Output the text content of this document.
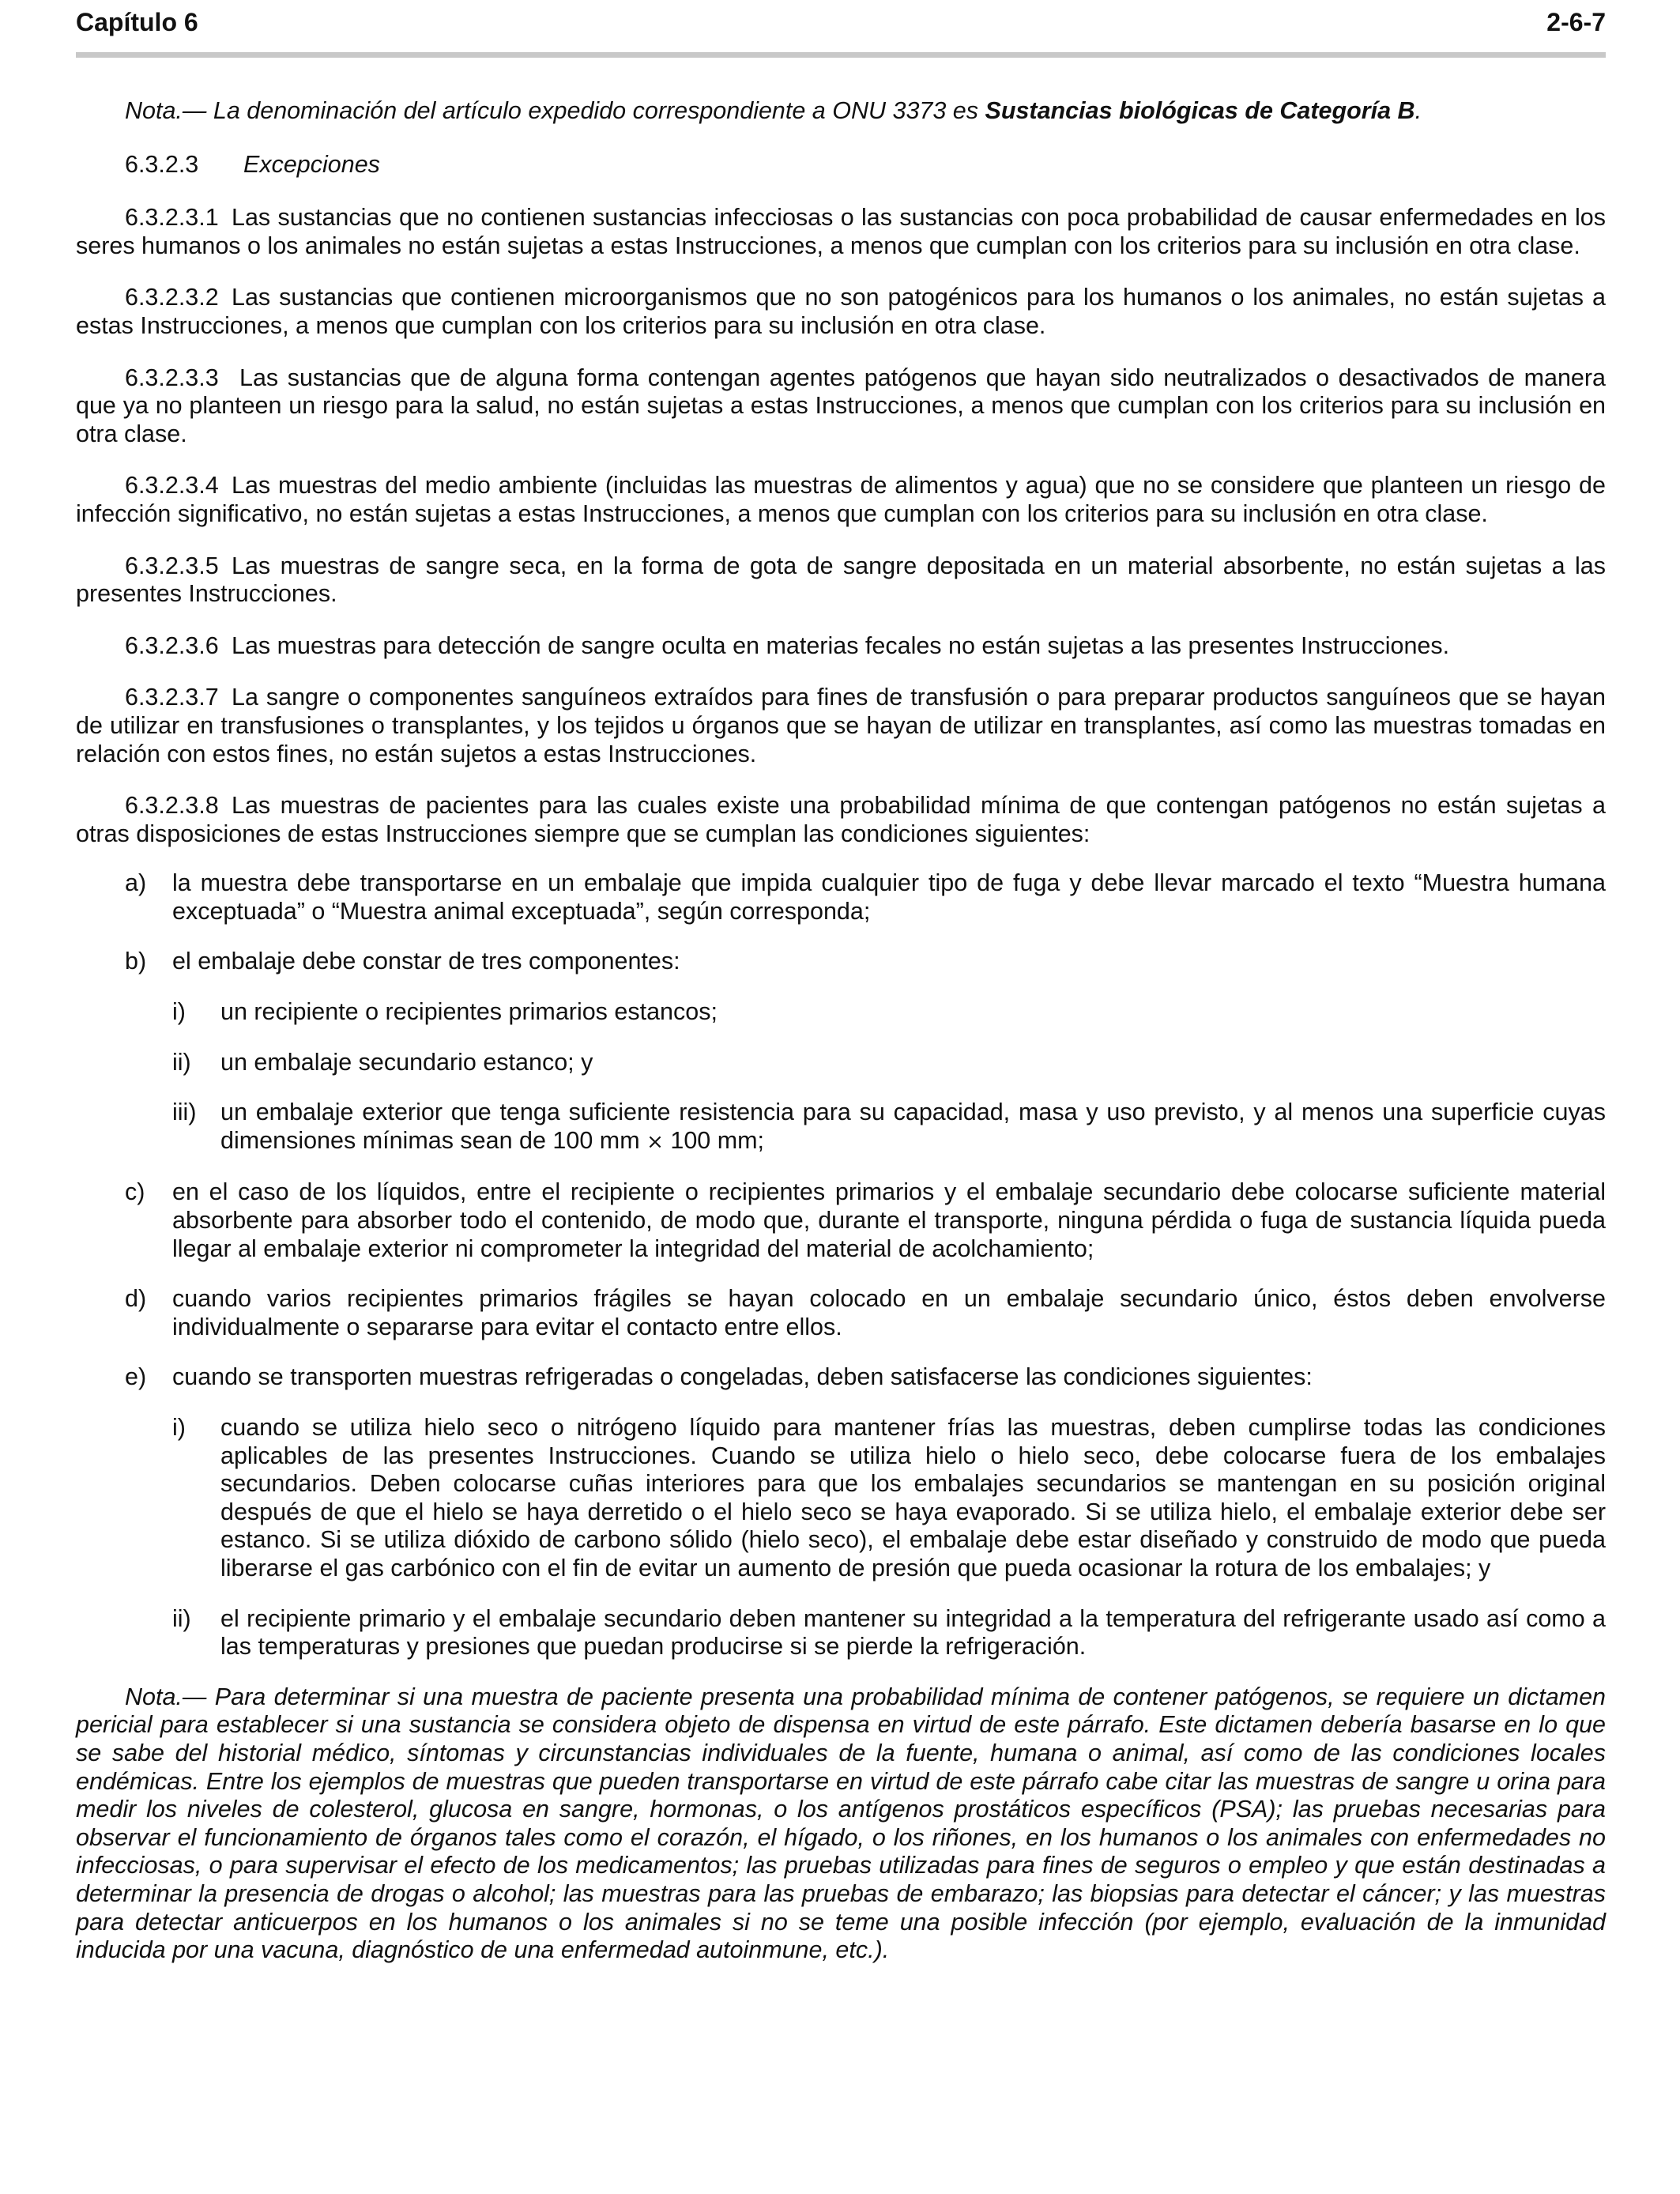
Capítulo 6	2-6-7

Nota.— La denominación del artículo expedido correspondiente a ONU 3373 es Sustancias biológicas de Categoría B.

6.3.2.3 Excepciones

6.3.2.3.1 Las sustancias que no contienen sustancias infecciosas o las sustancias con poca probabilidad de causar enfermedades en los seres humanos o los animales no están sujetas a estas Instrucciones, a menos que cumplan con los criterios para su inclusión en otra clase.

6.3.2.3.2 Las sustancias que contienen microorganismos que no son patogénicos para los humanos o los animales, no están sujetas a estas Instrucciones, a menos que cumplan con los criterios para su inclusión en otra clase.

6.3.2.3.3 Las sustancias que de alguna forma contengan agentes patógenos que hayan sido neutralizados o desactivados de manera que ya no planteen un riesgo para la salud, no están sujetas a estas Instrucciones, a menos que cumplan con los criterios para su inclusión en otra clase.

6.3.2.3.4 Las muestras del medio ambiente (incluidas las muestras de alimentos y agua) que no se considere que planteen un riesgo de infección significativo, no están sujetas a estas Instrucciones, a menos que cumplan con los criterios para su inclusión en otra clase.

6.3.2.3.5 Las muestras de sangre seca, en la forma de gota de sangre depositada en un material absorbente, no están sujetas a las presentes Instrucciones.

6.3.2.3.6 Las muestras para detección de sangre oculta en materias fecales no están sujetas a las presentes Instrucciones.

6.3.2.3.7 La sangre o componentes sanguíneos extraídos para fines de transfusión o para preparar productos sanguíneos que se hayan de utilizar en transfusiones o transplantes, y los tejidos u órganos que se hayan de utilizar en transplantes, así como las muestras tomadas en relación con estos fines, no están sujetos a estas Instrucciones.

6.3.2.3.8 Las muestras de pacientes para las cuales existe una probabilidad mínima de que contengan patógenos no están sujetas a otras disposiciones de estas Instrucciones siempre que se cumplan las condiciones siguientes:

a) la muestra debe transportarse en un embalaje que impida cualquier tipo de fuga y debe llevar marcado el texto “Muestra humana exceptuada” o “Muestra animal exceptuada”, según corresponda;

b) el embalaje debe constar de tres componentes:

i) un recipiente o recipientes primarios estancos;

ii) un embalaje secundario estanco; y

iii) un embalaje exterior que tenga suficiente resistencia para su capacidad, masa y uso previsto, y al menos una superficie cuyas dimensiones mínimas sean de 100 mm × 100 mm;

c) en el caso de los líquidos, entre el recipiente o recipientes primarios y el embalaje secundario debe colocarse suficiente material absorbente para absorber todo el contenido, de modo que, durante el transporte, ninguna pérdida o fuga de sustancia líquida pueda llegar al embalaje exterior ni comprometer la integridad del material de acolchamiento;

d) cuando varios recipientes primarios frágiles se hayan colocado en un embalaje secundario único, éstos deben envolverse individualmente o separarse para evitar el contacto entre ellos.

e) cuando se transporten muestras refrigeradas o congeladas, deben satisfacerse las condiciones siguientes:

i) cuando se utiliza hielo seco o nitrógeno líquido para mantener frías las muestras, deben cumplirse todas las condiciones aplicables de las presentes Instrucciones. Cuando se utiliza hielo o hielo seco, debe colocarse fuera de los embalajes secundarios. Deben colocarse cuñas interiores para que los embalajes secundarios se mantengan en su posición original después de que el hielo se haya derretido o el hielo seco se haya evaporado. Si se utiliza hielo, el embalaje exterior debe ser estanco. Si se utiliza dióxido de carbono sólido (hielo seco), el embalaje debe estar diseñado y construido de modo que pueda liberarse el gas carbónico con el fin de evitar un aumento de presión que pueda ocasionar la rotura de los embalajes; y

ii) el recipiente primario y el embalaje secundario deben mantener su integridad a la temperatura del refrigerante usado así como a las temperaturas y presiones que puedan producirse si se pierde la refrigeración.

Nota.— Para determinar si una muestra de paciente presenta una probabilidad mínima de contener patógenos, se requiere un dictamen pericial para establecer si una sustancia se considera objeto de dispensa en virtud de este párrafo. Este dictamen debería basarse en lo que se sabe del historial médico, síntomas y circunstancias individuales de la fuente, humana o animal, así como de las condiciones locales endémicas. Entre los ejemplos de muestras que pueden transportarse en virtud de este párrafo cabe citar las muestras de sangre u orina para medir los niveles de colesterol, glucosa en sangre, hormonas, o los antígenos prostáticos específicos (PSA); las pruebas necesarias para observar el funcionamiento de órganos tales como el corazón, el hígado, o los riñones, en los humanos o los animales con enfermedades no infecciosas, o para supervisar el efecto de los medicamentos; las pruebas utilizadas para fines de seguros o empleo y que están destinadas a determinar la presencia de drogas o alcohol; las muestras para las pruebas de embarazo; las biopsias para detectar el cáncer; y las muestras para detectar anticuerpos en los humanos o los animales si no se teme una posible infección (por ejemplo, evaluación de la inmunidad inducida por una vacuna, diagnóstico de una enfermedad autoinmune, etc.).
